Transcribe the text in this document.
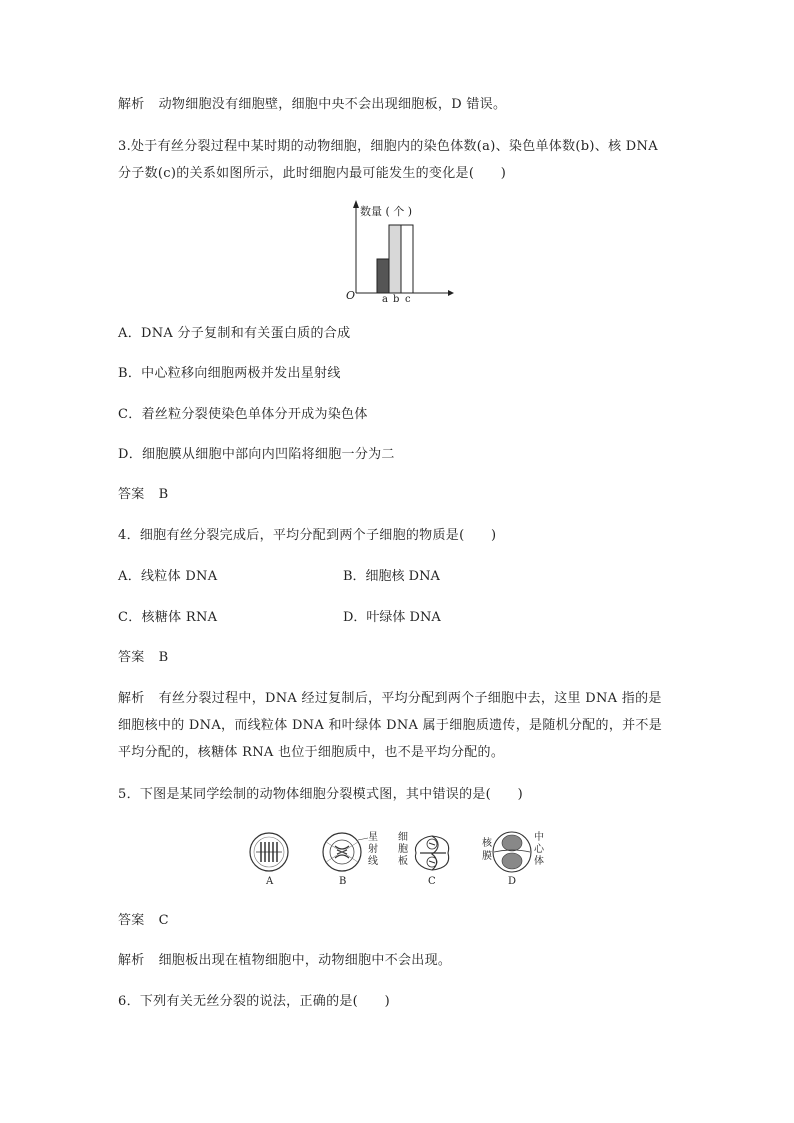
解析 动物细胞没有细胞壁，细胞中央不会出现细胞板，D 错误。
3.处于有丝分裂过程中某时期的动物细胞，细胞内的染色体数(a)、染色单体数(b)、核 DNA
分子数(c)的关系如图所示，此时细胞内最可能发生的变化是(　　)
数量 ( 个 )
O	a b c
A．DNA 分子复制和有关蛋白质的合成
B．中心粒移向细胞两极并发出星射线
C．着丝粒分裂使染色单体分开成为染色体
D．细胞膜从细胞中部向内凹陷将细胞一分为二
答案 B
4．细胞有丝分裂完成后，平均分配到两个子细胞的物质是(　　)
A．线粒体 DNA	B．细胞核 DNA
C．核糖体 RNA	D．叶绿体 DNA
答案 B
解析 有丝分裂过程中，DNA 经过复制后，平均分配到两个子细胞中去，这里 DNA 指的是
细胞核中的 DNA，而线粒体 DNA 和叶绿体 DNA 属于细胞质遗传，是随机分配的，并不是
平均分配的，核糖体 RNA 也位于细胞质中，也不是平均分配的。
5．下图是某同学绘制的动物体细胞分裂模式图，其中错误的是(　　)
A
星
射
线
B
细
胞
板
C
核
膜
中
心
体
D
答案 C
解析 细胞板出现在植物细胞中，动物细胞中不会出现。
6．下列有关无丝分裂的说法，正确的是(　　)
